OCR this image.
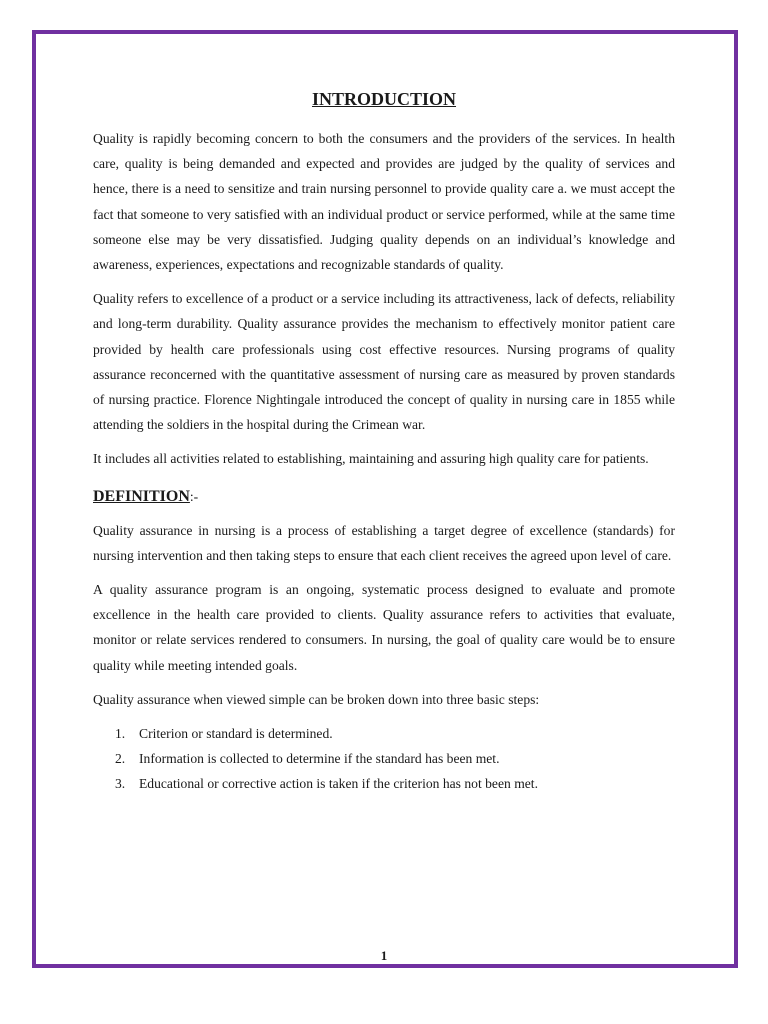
INTRODUCTION

Quality is rapidly becoming concern to both the consumers and the providers of the services. In health care, quality is being demanded and expected and provides are judged by the quality of services and hence, there is a need to sensitize and train nursing personnel to provide quality care a. we must accept the fact that someone to very satisfied with an individual product or service performed, while at the same time someone else may be very dissatisfied. Judging quality depends on an individual’s knowledge and awareness, experiences, expectations and recognizable standards of quality.

Quality refers to excellence of a product or a service including its attractiveness, lack of defects, reliability and long-term durability. Quality assurance provides the mechanism to effectively monitor patient care provided by health care professionals using cost effective resources. Nursing programs of quality assurance reconcerned with the quantitative assessment of nursing care as measured by proven standards of nursing practice. Florence Nightingale introduced the concept of quality in nursing care in 1855 while attending the soldiers in the hospital during the Crimean war.

It includes all activities related to establishing, maintaining and assuring high quality care for patients.

DEFINITION:-

Quality assurance in nursing is a process of establishing a target degree of excellence (standards) for nursing intervention and then taking steps to ensure that each client receives the agreed upon level of care.

A quality assurance program is an ongoing, systematic process designed to evaluate and promote excellence in the health care provided to clients. Quality assurance refers to activities that evaluate, monitor or relate services rendered to consumers. In nursing, the goal of quality care would be to ensure quality while meeting intended goals.

Quality assurance when viewed simple can be broken down into three basic steps:

1.	Criterion or standard is determined.
2.	Information is collected to determine if the standard has been met.
3.	Educational or corrective action is taken if the criterion has not been met.
1
